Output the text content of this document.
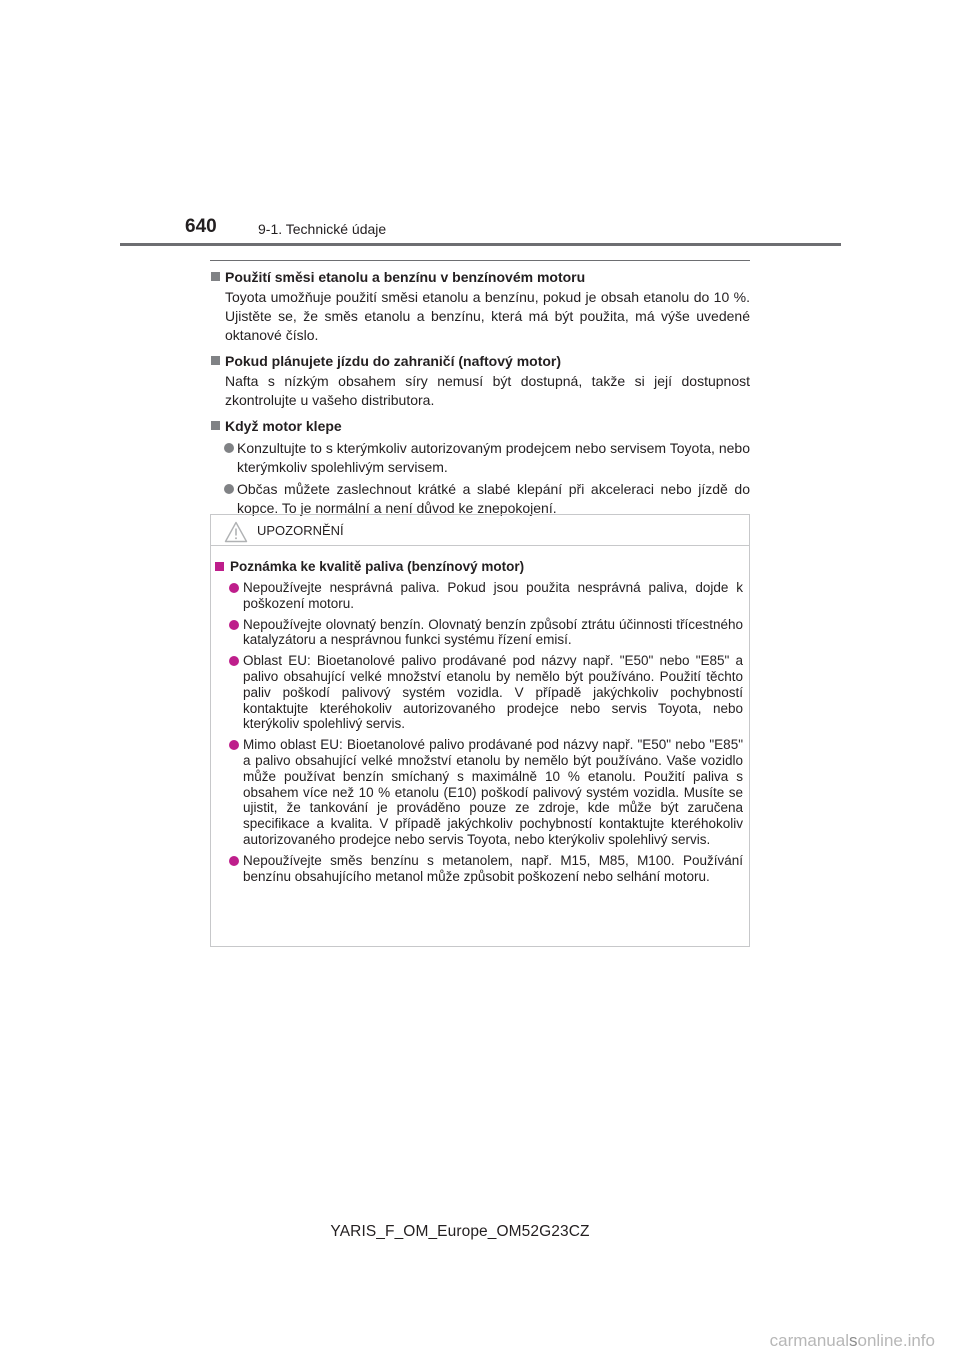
640	9-1. Technické údaje
Použití směsi etanolu a benzínu v benzínovém motoru
Toyota umožňuje použití směsi etanolu a benzínu, pokud je obsah etanolu do 10 %. Ujistěte se, že směs etanolu a benzínu, která má být použita, má výše uvedené oktanové číslo.
Pokud plánujete jízdu do zahraničí (naftový motor)
Nafta s nízkým obsahem síry nemusí být dostupná, takže si její dostupnost zkontrolujte u vašeho distributora.
Když motor klepe
Konzultujte to s kterýmkoliv autorizovaným prodejcem nebo servisem Toyota, nebo kterýmkoliv spolehlivým servisem.
Občas můžete zaslechnout krátké a slabé klepání při akceleraci nebo jízdě do kopce. To je normální a není důvod ke znepokojení.
UPOZORNĚNÍ
Poznámka ke kvalitě paliva (benzínový motor)
Nepoužívejte nesprávná paliva. Pokud jsou použita nesprávná paliva, dojde k poškození motoru.
Nepoužívejte olovnatý benzín. Olovnatý benzín způsobí ztrátu účinnosti třícestného katalyzátoru a nesprávnou funkci systému řízení emisí.
Oblast EU: Bioetanolové palivo prodávané pod názvy např. "E50" nebo "E85" a palivo obsahující velké množství etanolu by nemělo být používáno. Použití těchto paliv poškodí palivový systém vozidla. V případě jakýchkoliv pochybností kontaktujte kteréhokoliv autorizovaného prodejce nebo servis Toyota, nebo kterýkoliv spolehlivý servis.
Mimo oblast EU: Bioetanolové palivo prodávané pod názvy např. "E50" nebo "E85" a palivo obsahující velké množství etanolu by nemělo být používáno. Vaše vozidlo může používat benzín smíchaný s maximálně 10 % etanolu. Použití paliva s obsahem více než 10 % etanolu (E10) poškodí palivový systém vozidla. Musíte se ujistit, že tankování je prováděno pouze ze zdroje, kde může být zaručena specifikace a kvalita. V případě jakýchkoliv pochybností kontaktujte kteréhokoliv autorizovaného prodejce nebo servis Toyota, nebo kterýkoliv spolehlivý servis.
Nepoužívejte směs benzínu s metanolem, např. M15, M85, M100. Používání benzínu obsahujícího metanol může způsobit poškození nebo selhání motoru.
YARIS_F_OM_Europe_OM52G23CZ
carmanualsonline.info
